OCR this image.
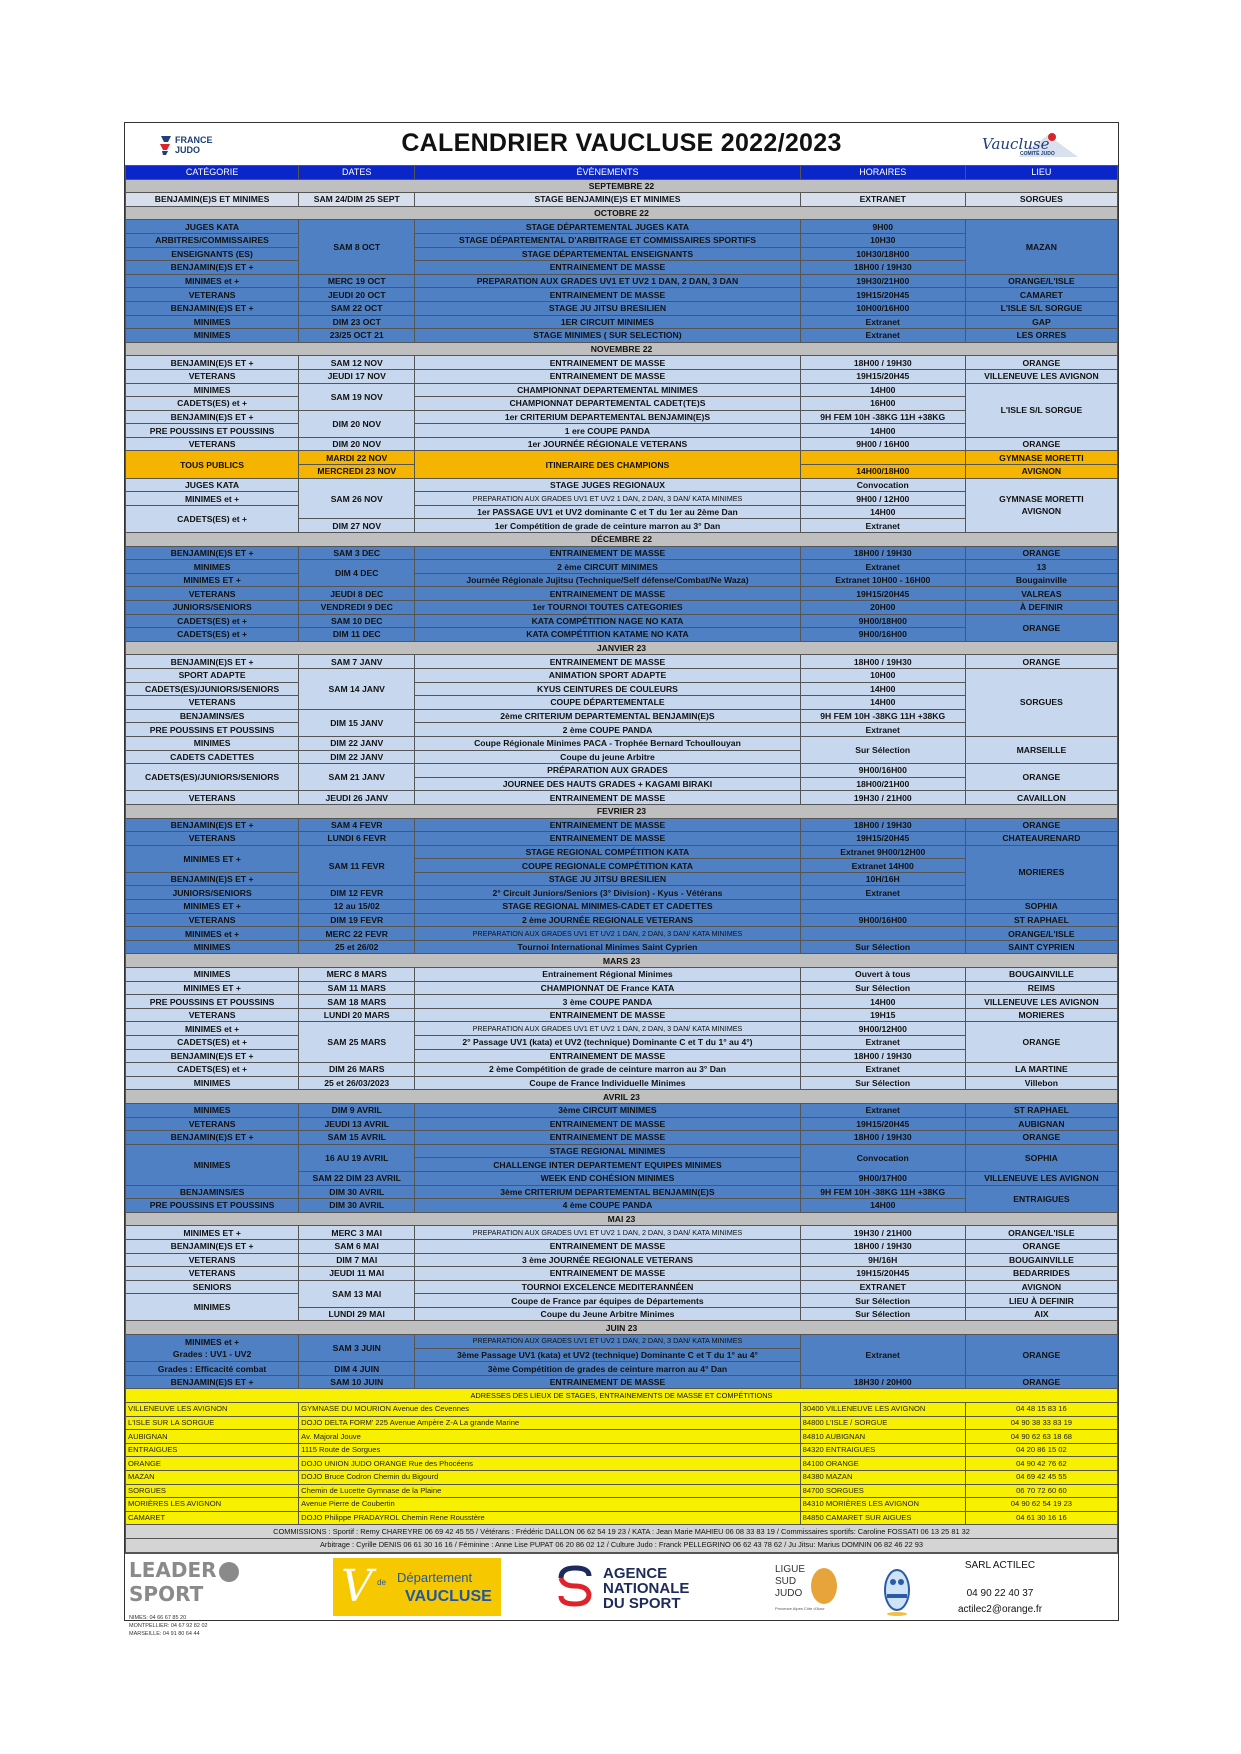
FRANCE
JUDO	CALENDRIER VAUCLUSE 2022/2023	Vaucluse
COMITÉ JUDO
CATÉGORIE	DATES	ÉVÈNEMENTS	HORAIRES	LIEU
SEPTEMBRE 22				
BENJAMIN(E)S ET MINIMES	SAM 24/DIM 25 SEPT	STAGE BENJAMIN(E)S ET MINIMES	EXTRANET	SORGUES
OCTOBRE 22				
JUGES KATA	SAM 8 OCT	STAGE DÉPARTEMENTAL JUGES KATA	9H00	MAZAN
ARBITRES/COMMISSAIRES		STAGE DÉPARTEMENTAL D'ARBITRAGE ET COMMISSAIRES SPORTIFS	10H30	
ENSEIGNANTS (ES)		STAGE DÉPARTEMENTAL ENSEIGNANTS	10H30/18H00	
BENJAMIN(E)S ET +		ENTRAINEMENT DE MASSE	18H00 / 19H30	
MINIMES et +	MERC 19 OCT	PREPARATION AUX GRADES UV1 ET UV2 1 DAN, 2 DAN, 3 DAN	19H30/21H00	ORANGE/L'ISLE
VETERANS	JEUDI 20 OCT	ENTRAINEMENT DE MASSE	19H15/20H45	CAMARET
BENJAMIN(E)S ET +	SAM 22 OCT	STAGE JU JITSU BRESILIEN	10H00/16H00	L'ISLE S/L SORGUE
MINIMES	DIM 23 OCT	1ER CIRCUIT MINIMES	Extranet	GAP
MINIMES	23/25 OCT 21	STAGE MINIMES ( SUR SELECTION)	Extranet	LES ORRES
NOVEMBRE 22				
BENJAMIN(E)S ET +	SAM 12 NOV	ENTRAINEMENT DE MASSE	18H00 / 19H30	ORANGE
VETERANS	JEUDI 17 NOV	ENTRAINEMENT DE MASSE	19H15/20H45	VILLENEUVE LES AVIGNON
MINIMES	SAM 19 NOV	CHAMPIONNAT DEPARTEMENTAL MINIMES	14H00	L'ISLE S/L SORGUE
CADETS(ES) et +		CHAMPIONNAT DEPARTEMENTAL CADET(TE)S	16H00	
BENJAMIN(E)S ET +	DIM 20 NOV	1er CRITERIUM DEPARTEMENTAL BENJAMIN(E)S	9H FEM 10H -38KG 11H +38KG	
PRE POUSSINS ET POUSSINS		1 ere COUPE PANDA	14H00	
VETERANS	DIM 20 NOV	1er JOURNÉE RÉGIONALE VETERANS	9H00 / 16H00	ORANGE
TOUS PUBLICS	MARDI 22 NOV	ITINERAIRE DES CHAMPIONS		GYMNASE MORETTI
	MERCREDI 23 NOV		14H00/18H00	AVIGNON
JUGES KATA	SAM 26 NOV	STAGE JUGES REGIONAUX	Convocation	GYMNASE MORETTI
AVIGNON
MINIMES et +		PREPARATION AUX GRADES UV1 ET UV2 1 DAN, 2 DAN, 3 DAN/ KATA MINIMES	9H00 / 12H00	
CADETS(ES) et +		1er PASSAGE UV1 et UV2 dominante C et T du 1er au 2ème Dan	14H00	
	DIM 27 NOV	1er Compétition de grade de ceinture marron au 3° Dan	Extranet	
DÉCEMBRE 22				
BENJAMIN(E)S ET +	SAM 3 DEC	ENTRAINEMENT DE MASSE	18H00 / 19H30	ORANGE
MINIMES	DIM 4 DEC	2 ème CIRCUIT MINIMES	Extranet	13
MINIMES ET +		Journée Régionale Jujitsu (Technique/Self défense/Combat/Ne Waza)	Extranet 10H00 - 16H00	Bougainville
VETERANS	JEUDI 8 DEC	ENTRAINEMENT DE MASSE	19H15/20H45	VALREAS
JUNIORS/SENIORS	VENDREDI 9 DEC	1er TOURNOI TOUTES CATEGORIES	20H00	À DEFINIR
CADETS(ES) et +	SAM 10 DEC	KATA COMPÉTITION NAGE NO KATA	9H00/18H00	ORANGE
CADETS(ES) et +	DIM 11 DEC	KATA COMPÉTITION KATAME NO KATA	9H00/16H00	
JANVIER 23				
BENJAMIN(E)S ET +	SAM 7 JANV	ENTRAINEMENT DE MASSE	18H00 / 19H30	ORANGE
SPORT ADAPTE	SAM 14 JANV	ANIMATION SPORT ADAPTE	10H00	SORGUES
CADETS(ES)/JUNIORS/SENIORS		KYUS CEINTURES DE COULEURS	14H00	
VETERANS		COUPE DÉPARTEMENTALE	14H00	
BENJAMINS/ES	DIM 15 JANV	2ème CRITERIUM DEPARTEMENTAL BENJAMIN(E)S	9H FEM 10H -38KG 11H +38KG	
PRE POUSSINS ET POUSSINS		2 ème COUPE PANDA	Extranet	
MINIMES	DIM 22 JANV	Coupe Régionale Minimes PACA - Trophée Bernard Tchoullouyan	Sur Sélection	MARSEILLE
CADETS CADETTES	DIM 22 JANV	Coupe du jeune Arbitre		
CADETS(ES)/JUNIORS/SENIORS	SAM 21 JANV	PRÉPARATION AUX GRADES	9H00/16H00	ORANGE
		JOURNEE DES HAUTS GRADES + KAGAMI BIRAKI	18H00/21H00	
VETERANS	JEUDI 26 JANV	ENTRAINEMENT DE MASSE	19H30 / 21H00	CAVAILLON
FEVRIER 23				
BENJAMIN(E)S ET +	SAM 4 FEVR	ENTRAINEMENT DE MASSE	18H00 / 19H30	ORANGE
VETERANS	LUNDI 6 FEVR	ENTRAINEMENT DE MASSE	19H15/20H45	CHATEAURENARD
MINIMES ET +	SAM 11 FEVR	STAGE REGIONAL COMPÉTITION KATA	Extranet 9H00/12H00	MORIERES
		COUPE REGIONALE COMPÉTITION KATA	Extranet 14H00	
BENJAMIN(E)S ET +		STAGE JU JITSU BRESILIEN	10H/16H	
JUNIORS/SENIORS	DIM 12 FEVR	2° Circuit Juniors/Seniors (3° Division) - Kyus - Vétérans	Extranet	
MINIMES ET +	12 au 15/02	STAGE REGIONAL MINIMES-CADET ET CADETTES		SOPHIA
VETERANS	DIM 19 FEVR	2 ème JOURNÉE REGIONALE VETERANS	9H00/16H00	ST RAPHAEL
MINIMES et +	MERC 22 FEVR	PREPARATION AUX GRADES UV1 ET UV2 1 DAN, 2 DAN, 3 DAN/ KATA MINIMES		ORANGE/L'ISLE
MINIMES	25 et 26/02	Tournoi International Minimes Saint Cyprien	Sur Sélection	SAINT CYPRIEN
MARS 23				
MINIMES	MERC 8 MARS	Entrainement Régional Minimes	Ouvert à tous	BOUGAINVILLE
MINIMES ET +	SAM 11 MARS	CHAMPIONNAT DE France KATA	Sur Sélection	REIMS
PRE POUSSINS ET POUSSINS	SAM 18 MARS	3 ème COUPE PANDA	14H00	VILLENEUVE LES AVIGNON
VETERANS	LUNDI 20 MARS	ENTRAINEMENT DE MASSE	19H15	MORIERES
MINIMES et +	SAM 25 MARS	PREPARATION AUX GRADES UV1 ET UV2 1 DAN, 2 DAN, 3 DAN/ KATA MINIMES	9H00/12H00	ORANGE
CADETS(ES) et +		2° Passage UV1 (kata) et UV2 (technique) Dominante C et T du 1° au 4°)	Extranet	
BENJAMIN(E)S ET +		ENTRAINEMENT DE MASSE	18H00 / 19H30	
CADETS(ES) et +	DIM 26 MARS	2 ème Compétition de grade de ceinture marron au 3° Dan	Extranet	LA MARTINE
MINIMES	25 et 26/03/2023	Coupe de France Individuelle Minimes	Sur Sélection	Villebon
AVRIL 23				
MINIMES	DIM 9 AVRIL	3ème CIRCUIT MINIMES	Extranet	ST RAPHAEL
VETERANS	JEUDI 13 AVRIL	ENTRAINEMENT DE MASSE	19H15/20H45	AUBIGNAN
BENJAMIN(E)S ET +	SAM 15 AVRIL	ENTRAINEMENT DE MASSE	18H00 / 19H30	ORANGE
MINIMES	16 AU 19 AVRIL	STAGE REGIONAL MINIMES	Convocation	SOPHIA
		CHALLENGE INTER DEPARTEMENT EQUIPES MINIMES		
	SAM 22 DIM 23 AVRIL	WEEK END COHÉSION MINIMES	9H00/17H00	VILLENEUVE LES AVIGNON
BENJAMINS/ES	DIM 30 AVRIL	3ème CRITERIUM DEPARTEMENTAL BENJAMIN(E)S	9H FEM 10H -38KG 11H +38KG	ENTRAIGUES
PRE POUSSINS ET POUSSINS	DIM 30 AVRIL	4 ème COUPE PANDA	14H00	
MAI 23				
MINIMES ET +	MERC 3 MAI	PREPARATION AUX GRADES UV1 ET UV2 1 DAN, 2 DAN, 3 DAN/ KATA MINIMES	19H30 / 21H00	ORANGE/L'ISLE
BENJAMIN(E)S ET +	SAM 6 MAI	ENTRAINEMENT DE MASSE	18H00 / 19H30	ORANGE
VETERANS	DIM 7 MAI	3 ème JOURNÉE REGIONALE VETERANS	9H/16H	BOUGAINVILLE
VETERANS	JEUDI 11 MAI	ENTRAINEMENT DE MASSE	19H15/20H45	BEDARRIDES
SENIORS	SAM 13 MAI	TOURNOI EXCELENCE MEDITERANNÉEN	EXTRANET	AVIGNON
MINIMES		Coupe de France par équipes de Départements	Sur Sélection	LIEU À DEFINIR
	LUNDI 29 MAI	Coupe du Jeune Arbitre Minimes	Sur Sélection	AIX
JUIN 23				
MINIMES et +
Grades : UV1 - UV2	SAM 3 JUIN	PREPARATION AUX GRADES UV1 ET UV2 1 DAN, 2 DAN, 3 DAN/ KATA MINIMES	Extranet	ORANGE
		3ème Passage UV1 (kata) et UV2 (technique) Dominante C et T du 1° au 4°		
Grades : Efficacité combat	DIM 4 JUIN	3ème Compétition de grades de ceinture marron au 4° Dan		
BENJAMIN(E)S ET +	SAM 10 JUIN	ENTRAINEMENT DE MASSE	18H30 / 20H00	ORANGE
ADRESSES DES LIEUX DE STAGES, ENTRAINEMENTS DE MASSE ET COMPÉTITIONS				
VILLENEUVE LES AVIGNON	GYMNASE DU MOURION Avenue des Cevennes		30400 VILLENEUVE LES AVIGNON	04 48 15 83 16
L'ISLE SUR LA SORGUE	DOJO DELTA FORM' 225 Avenue Ampère Z-A La grande Marine		84800 L'ISLE / SORGUE	04 90 38 33 83 19
AUBIGNAN	Av. Majoral Jouve		84810 AUBIGNAN	04 90 62 63 18 68
ENTRAIGUES	1115 Route de Sorgues		84320 ENTRAIGUES	04 20 86 15 02
ORANGE	DOJO UNION JUDO ORANGE Rue des Phocéens		84100 ORANGE	04 90 42 76 62
MAZAN	DOJO Bruce Codron Chemin du Bigourd		84380 MAZAN	04 69 42 45 55
SORGUES	Chemin de Lucette Gymnase de la Plaine		84700 SORGUES	06 70 72 60 60
MORIÈRES LES AVIGNON	Avenue Pierre de Coubertin		84310 MORIÈRES LES AVIGNON	04 90 62 54 19 23
CAMARET	DOJO Philippe PRADAYROL Chemin Rene Rousstère		84850 CAMARET SUR AIGUES	04 61 30 16 16
COMMISSIONS : Sportif : Remy CHAREYRE 06 69 42 45 55 / Vétérans : Frédéric DALLON 06 62 54 19 23 / KATA : Jean Marie MAHIEU 06 08 33 83 19 / Commissaires sportifs: Caroline FOSSATI 06 13 25 81 32				
Arbitrage : Cyrille DENIS 06 61 30 16 16 / Féminine : Anne Lise PUPAT 06 20 86 02 12 / Culture Judo : Franck PELLEGRINO 06 62 43 78 62 / Ju Jitsu: Marius DOMNIN 06 82 46 22 93				
LEADERSPORT
NIMES: 04 66 67 85 20
MONTPELLIER: 04 67 92 82 02
MARSEILLE: 04 91 80 64 44
V de Département
VAUCLUSE
AGENCE
NATIONALE
DU SPORT
LIGUE
SUD
JUDO
Provence Alpes Côte d'Azur
SARL ACTILEC
04 90 22 40 37
actilec2@orange.fr
